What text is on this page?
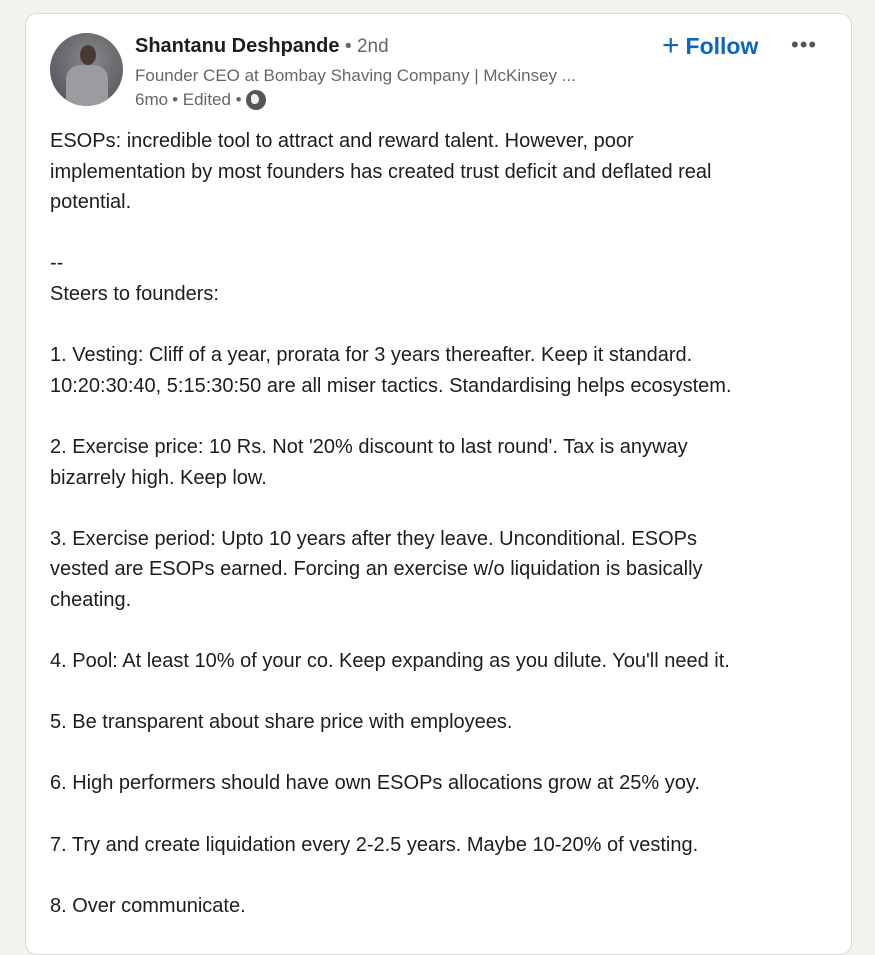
Shantanu Deshpande • 2nd
Founder CEO at Bombay Shaving Company | McKinsey ...
6mo • Edited •
+ Follow •••
ESOPs: incredible tool to attract and reward talent. However, poor
implementation by most founders has created trust deficit and deflated real
potential.
--
Steers to founders:
1. Vesting: Cliff of a year, prorata for 3 years thereafter. Keep it standard.
10:20:30:40, 5:15:30:50 are all miser tactics. Standardising helps ecosystem.
2. Exercise price: 10 Rs. Not '20% discount to last round'. Tax is anyway
bizarrely high. Keep low.
3. Exercise period: Upto 10 years after they leave. Unconditional. ESOPs
vested are ESOPs earned. Forcing an exercise w/o liquidation is basically
cheating.
4. Pool: At least 10% of your co. Keep expanding as you dilute. You'll need it.
5. Be transparent about share price with employees.
6. High performers should have own ESOPs allocations grow at 25% yoy.
7. Try and create liquidation every 2-2.5 years. Maybe 10-20% of vesting.
8. Over communicate.
